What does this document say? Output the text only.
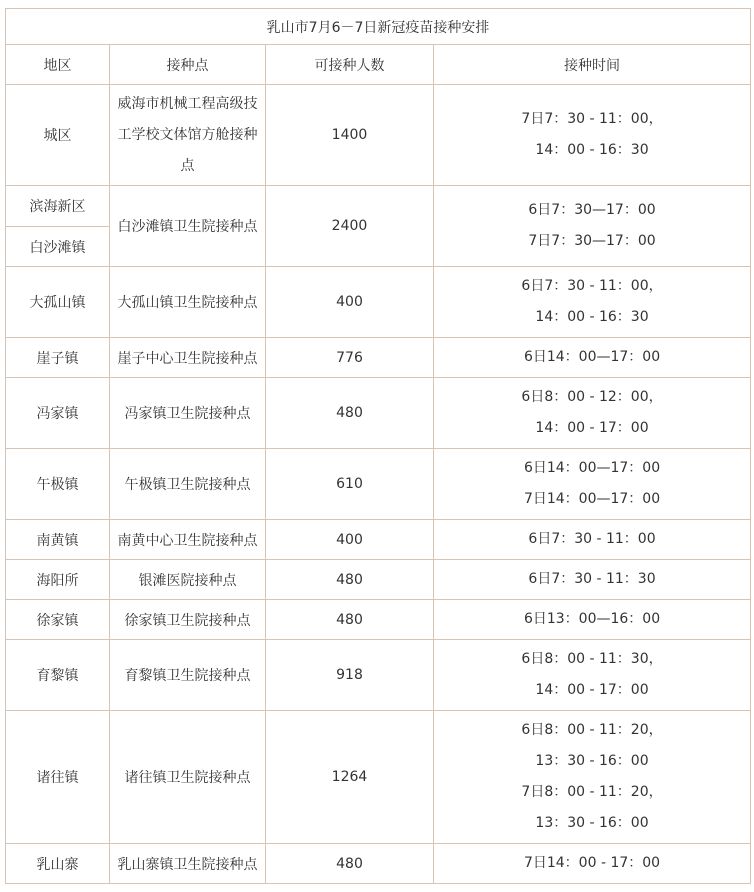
乳山市7月6－7日新冠疫苗接种安排			
地区	接种点	可接种人数	接种时间
城区	威海市机械工程高级技工学校文体馆方舱接种点	1400	7日7：30 - 11：00，
14：00 - 16：30

滨海新区	白沙滩镇卫生院接种点	2400	6日7：30—17：00
7日7：30—17：00

白沙滩镇			
大孤山镇	大孤山镇卫生院接种点	400	6日7：30 - 11：00，
14：00 - 16：30

崖子镇	崖子中心卫生院接种点	776	6日14：00—17：00

冯家镇	冯家镇卫生院接种点	480	6日8：00 - 12：00，
14：00 - 17：00

午极镇	午极镇卫生院接种点	610	6日14：00—17：00
7日14：00—17：00

南黄镇	南黄中心卫生院接种点	400	6日7：30 - 11：00

海阳所	银滩医院接种点	480	6日7：30 - 11：30

徐家镇	徐家镇卫生院接种点	480	6日13：00—16：00

育黎镇	育黎镇卫生院接种点	918	6日8：00 - 11：30，
14：00 - 17：00

诸往镇	诸往镇卫生院接种点	1264	6日8：00 - 11：20，
13：30 - 16：00
7日8：00 - 11：20，
13：30 - 16：00

乳山寨	乳山寨镇卫生院接种点	480	7日14：00 - 17：00
